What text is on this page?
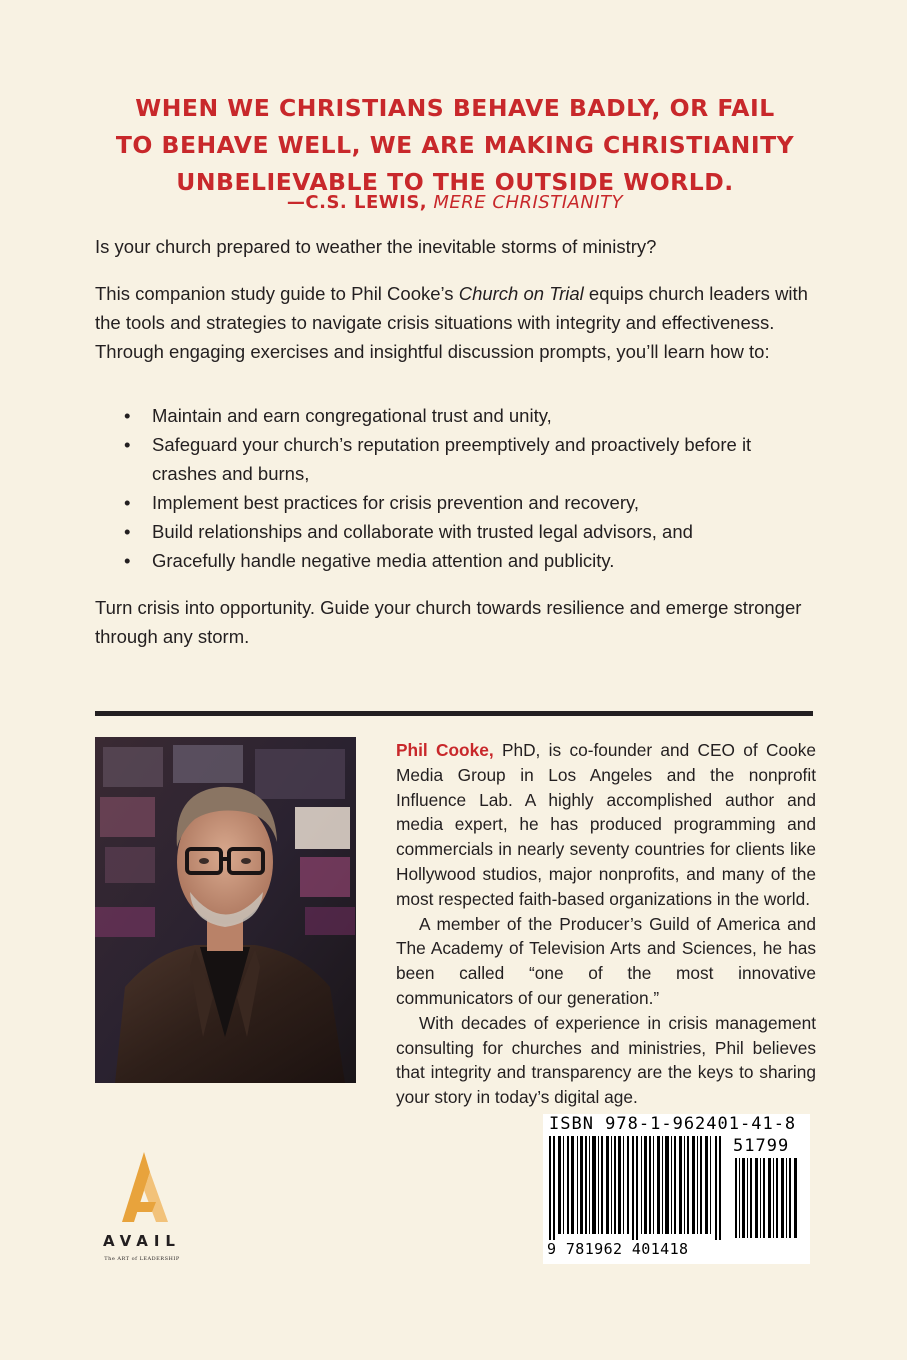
WHEN WE CHRISTIANS BEHAVE BADLY, OR FAIL
TO BEHAVE WELL, WE ARE MAKING CHRISTIANITY
UNBELIEVABLE TO THE OUTSIDE WORLD.
—C.S. LEWIS, MERE CHRISTIANITY

Is your church prepared to weather the inevitable storms of ministry?

This companion study guide to Phil Cooke’s Church on Trial equips church leaders with the tools and strategies to navigate crisis situations with integrity and effectiveness. Through engaging exercises and insightful discussion prompts, you’ll learn how to:

• Maintain and earn congregational trust and unity,
• Safeguard your church’s reputation preemptively and proactively before it crashes and burns,
• Implement best practices for crisis prevention and recovery,
• Build relationships and collaborate with trusted legal advisors, and
• Gracefully handle negative media attention and publicity.

Turn crisis into opportunity. Guide your church towards resilience and emerge stronger through any storm.

Phil Cooke, PhD, is co-founder and CEO of Cooke Media Group in Los Angeles and the nonprofit Influence Lab. A highly accomplished author and media expert, he has produced programming and commercials in nearly seventy countries for clients like Hollywood studios, major nonprofits, and many of the most respected faith-based organizations in the world.

A member of the Producer’s Guild of America and The Academy of Television Arts and Sciences, he has been called “one of the most innovative communicators of our generation.”

With decades of experience in crisis management consulting for churches and ministries, Phil believes that integrity and transparency are the keys to sharing your story in today’s digital age.

AVAIL
The ART of LEADERSHIP
ISBN 978-1-962401-41-8
51799
9 781962 401418
